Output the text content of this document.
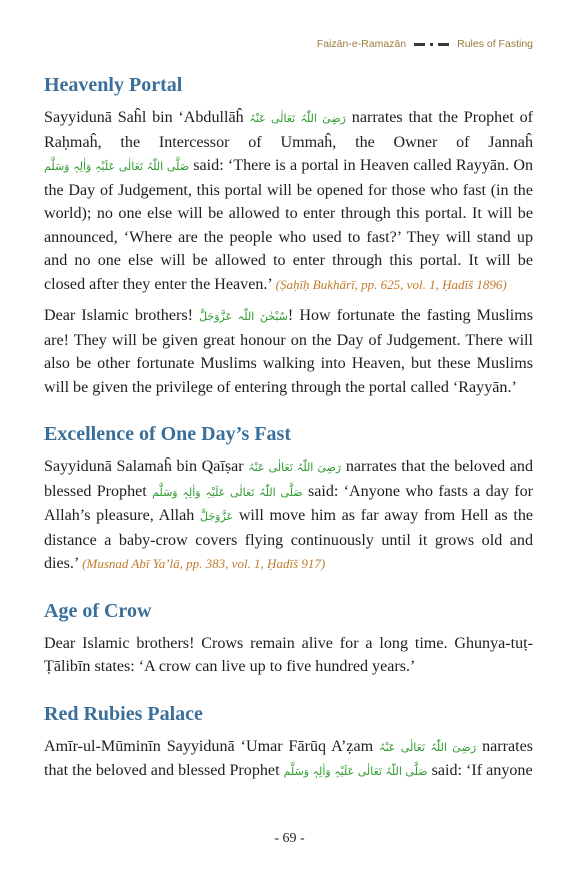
Faizān-e-Ramazān	Rules of Fasting
Heavenly Portal

Sayyidunā Saĥl bin ‘Abdullāĥ رَضِیَ اللّٰہُ تَعَالٰی عَنْہُ narrates that the Prophet of Raḥmaĥ, the Intercessor of Ummaĥ, the Owner of Jannaĥ صَلَّی اللّٰہُ تَعَالٰی عَلَیْہِ وَاٰلِہٖ وَسَلَّم said: ‘There is a portal in Heaven called Rayyān. On the Day of Judgement, this portal will be opened for those who fast (in the world); no one else will be allowed to enter through this portal. It will be announced, ‘Where are the people who used to fast?’ They will stand up and no one else will be allowed to enter through this portal. It will be closed after they enter the Heaven.’ (Ṣaḥīḥ Bukhārī, pp. 625, vol. 1, Ḥadīš 1896)

Dear Islamic brothers! سُبْحٰنَ اللّٰہ عَزَّوَجَلَّ! How fortunate the fasting Muslims are! They will be given great honour on the Day of Judgement. There will also be other fortunate Muslims walking into Heaven, but these Muslims will be given the privilege of entering through the portal called ‘Rayyān.’

Excellence of One Day’s Fast

Sayyidunā Salamaĥ bin Qaīṣar رَضِیَ اللّٰہُ تَعَالٰی عَنْہُ narrates that the beloved and blessed Prophet صَلَّی اللّٰہُ تَعَالٰی عَلَیْہِ وَاٰلِہٖ وَسَلَّم said: ‘Anyone who fasts a day for Allah’s pleasure, Allah عَزَّوَجَلَّ will move him as far away from Hell as the distance a baby-crow covers flying continuously until it grows old and dies.’ (Musnad Abī Ya’lā, pp. 383, vol. 1, Ḥadīš 917)

Age of Crow

Dear Islamic brothers! Crows remain alive for a long time. Ghunya-tuṭ-Ṭālibīn states: ‘A crow can live up to five hundred years.’

Red Rubies Palace

Amīr-ul-Mūminīn Sayyidunā ‘Umar Fārūq A’ẓam رَضِیَ اللّٰہُ تَعَالٰی عَنْہُ narrates that the beloved and blessed Prophet صَلَّی اللّٰہُ تَعَالٰی عَلَیْہِ وَاٰلِہٖ وَسَلَّم said: ‘If anyone

- 69 -
